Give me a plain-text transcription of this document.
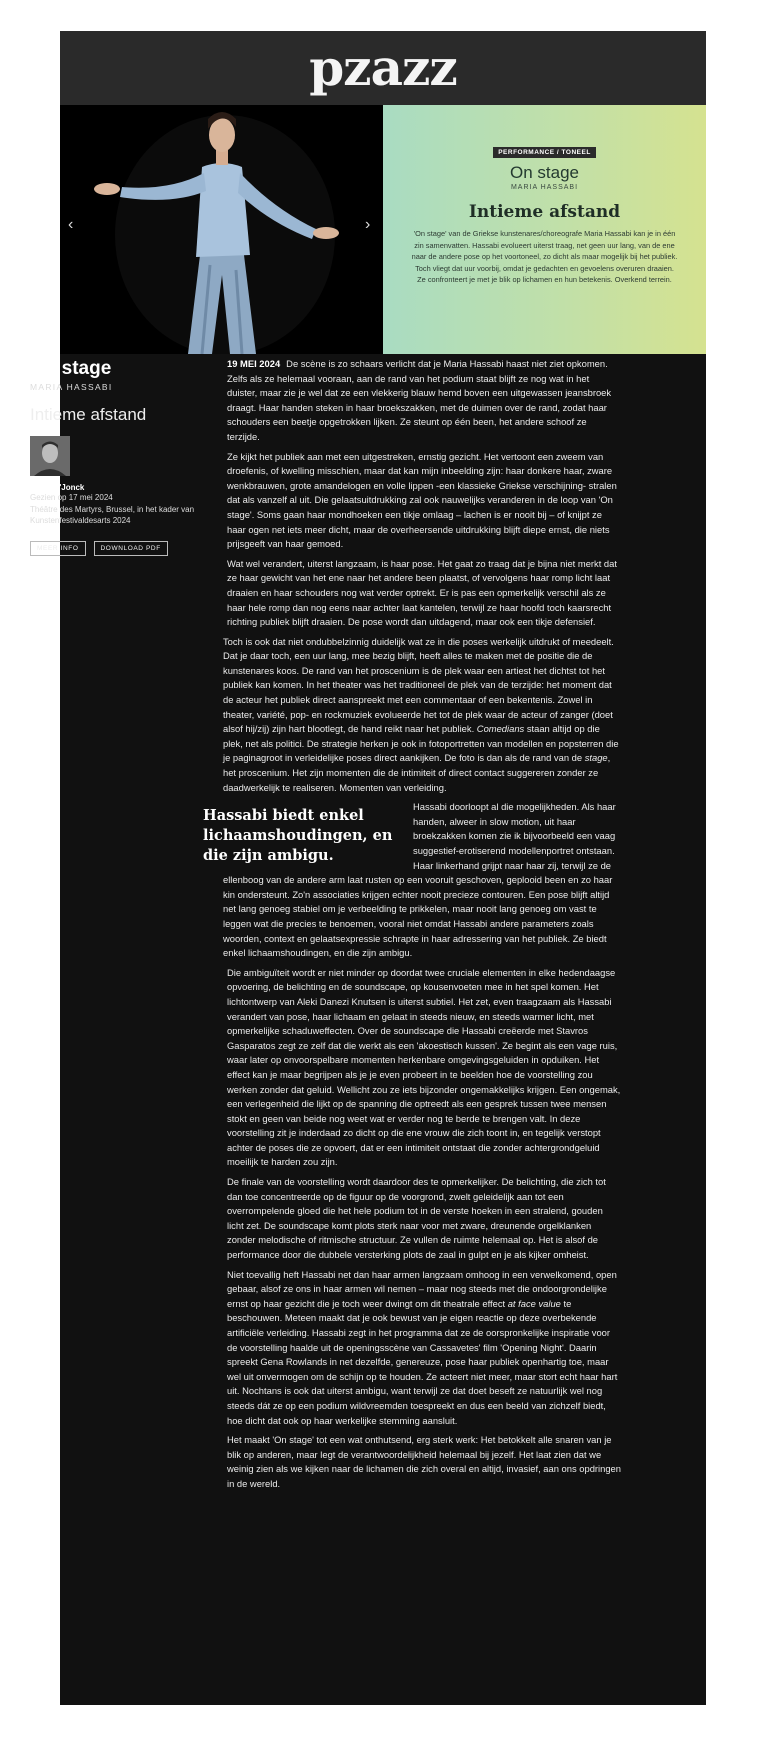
pzazz
‹	›
PERFORMANCE / TONEEL
On stage
MARIA HASSABI
Intieme afstand
'On stage' van de Griekse kunstenares/choreografe Maria Hassabi kan je in één zin samenvatten. Hassabi evolueert uiterst traag, net geen uur lang, van de ene naar de andere pose op het voortoneel, zo dicht als maar mogelijk bij het publiek. Toch vliegt dat uur voorbij, omdat je gedachten en gevoelens overuren draaien. Ze confronteert je met je blik op lichamen en hun betekenis. Overkend terrein.
On stage
MARIA HASSABI
Intieme afstand
Pieter T'Jonck
Gezien op 17 mei 2024
Théâtre des Martyrs, Brussel, in het kader van Kunstenfestivaldesarts 2024
MEER INFO	DOWNLOAD PDF

19 MEI 2024 De scène is zo schaars verlicht dat je Maria Hassabi haast niet ziet opkomen. Zelfs als ze helemaal vooraan, aan de rand van het podium staat blijft ze nog wat in het duister, maar zie je wel dat ze een vlekkerig blauw hemd boven een uitgewassen jeansbroek draagt. Haar handen steken in haar broekszakken, met de duimen over de rand, zodat haar schouders een beetje opgetrokken lijken. Ze steunt op één been, het andere schoof ze terzijde.

Ze kijkt het publiek aan met een uitgestreken, ernstig gezicht. Het vertoont een zweem van droefenis, of kwelling misschien, maar dat kan mijn inbeelding zijn: haar donkere haar, zware wenkbrauwen, grote amandelogen en volle lippen -een klassieke Griekse verschijning- stralen dat als vanzelf al uit. Die gelaatsuitdrukking zal ook nauwelijks veranderen in de loop van 'On stage'. Soms gaan haar mondhoeken een tikje omlaag – lachen is er nooit bij – of knijpt ze haar ogen net iets meer dicht, maar de overheersende uitdrukking blijft diepe ernst, die niets prijsgeeft van haar gemoed.

Wat wel verandert, uiterst langzaam, is haar pose. Het gaat zo traag dat je bijna niet merkt dat ze haar gewicht van het ene naar het andere been plaatst, of vervolgens haar romp licht laat draaien en haar schouders nog wat verder optrekt. Er is pas een opmerkelijk verschil als ze haar hele romp dan nog eens naar achter laat kantelen, terwijl ze haar hoofd toch kaarsrecht richting publiek blijft draaien. De pose wordt dan uitdagend, maar ook een tikje defensief.

Toch is ook dat niet ondubbelzinnig duidelijk wat ze in die poses werkelijk uitdrukt of meedeelt. Dat je daar toch, een uur lang, mee bezig blijft, heeft alles te maken met de positie die de kunstenares koos. De rand van het proscenium is de plek waar een artiest het dichtst tot het publiek kan komen. In het theater was het traditioneel de plek van de terzijde: het moment dat de acteur het publiek direct aanspreekt met een commentaar of een bekentenis. Zowel in theater, variété, pop- en rockmuziek evolueerde het tot de plek waar de acteur of zanger (doet alsof hij/zij) zijn hart blootlegt, de hand reikt naar het publiek. Comedians staan altijd op die plek, net als politici. De strategie herken je ook in fotoportretten van modellen en popsterren die je paginagroot in verleidelijke poses direct aankijken. De foto is dan als de rand van de stage, het proscenium. Het zijn momenten die de intimiteit of direct contact suggereren zonder ze daadwerkelijk te realiseren. Momenten van verleiding.

Hassabi biedt enkel lichaamshoudingen, en die zijn ambigu.

Hassabi doorloopt al die mogelijkheden. Als haar handen, alweer in slow motion, uit haar broekzakken komen zie ik bijvoorbeeld een vaag suggestief-erotiserend modellenportret ontstaan. Haar linkerhand grijpt naar haar zij, terwijl ze de ellenboog van de andere arm laat rusten op een vooruit geschoven, geplooid been en zo haar kin ondersteunt. Zo'n associaties krijgen echter nooit precieze contouren. Een pose blijft altijd net lang genoeg stabiel om je verbeelding te prikkelen, maar nooit lang genoeg om vast te leggen wat die precies te benoemen, vooral niet omdat Hassabi andere parameters zoals woorden, context en gelaatsexpressie schrapte in haar adressering van het publiek. Ze biedt enkel lichaamshoudingen, en die zijn ambigu.

Die ambiguïteit wordt er niet minder op doordat twee cruciale elementen in elke hedendaagse opvoering, de belichting en de soundscape, op kousenvoeten mee in het spel komen. Het lichtontwerp van Aleki Danezi Knutsen is uiterst subtiel. Het zet, even traagzaam als Hassabi verandert van pose, haar lichaam en gelaat in steeds nieuw, en steeds warmer licht, met opmerkelijke schaduweffecten. Over de soundscape die Hassabi creëerde met Stavros Gasparatos zegt ze zelf dat die werkt als een 'akoestisch kussen'. Ze begint als een vage ruis, waar later op onvoorspelbare momenten herkenbare omgevingsgeluiden in opduiken. Het effect kan je maar begrijpen als je je even probeert in te beelden hoe de voorstelling zou werken zonder dat geluid. Wellicht zou ze iets bijzonder ongemakkelijks krijgen. Een ongemak, een verlegenheid die lijkt op de spanning die optreedt als een gesprek tussen twee mensen stokt en geen van beide nog weet wat er verder nog te berde te brengen valt. In deze voorstelling zit je inderdaad zo dicht op die ene vrouw die zich toont in, en tegelijk verstopt achter de poses die ze opvoert, dat er een intimiteit ontstaat die zonder achtergrondgeluid moeilijk te harden zou zijn.

De finale van de voorstelling wordt daardoor des te opmerkelijker. De belichting, die zich tot dan toe concentreerde op de figuur op de voorgrond, zwelt geleidelijk aan tot een overrompelende gloed die het hele podium tot in de verste hoeken in een stralend, gouden licht zet. De soundscape komt plots sterk naar voor met zware, dreunende orgelklanken zonder melodische of ritmische structuur. Ze vullen de ruimte helemaal op. Het is alsof de performance door die dubbele versterking plots de zaal in gulpt en je als kijker omheist.

Niet toevallig heft Hassabi net dan haar armen langzaam omhoog in een verwelkomend, open gebaar, alsof ze ons in haar armen wil nemen – maar nog steeds met die ondoorgrondelijke ernst op haar gezicht die je toch weer dwingt om dit theatrale effect at face value te beschouwen. Meteen maakt dat je ook bewust van je eigen reactie op deze overbekende artificiële verleiding. Hassabi zegt in het programma dat ze de oorspronkelijke inspiratie voor de voorstelling haalde uit de openingsscène van Cassavetes' film 'Opening Night'. Daarin spreekt Gena Rowlands in net dezelfde, genereuze, pose haar publiek openhartig toe, maar wel uit onvermogen om de schijn op te houden. Ze acteert niet meer, maar stort echt haar hart uit. Nochtans is ook dat uiterst ambigu, want terwijl ze dat doet beseft ze natuurlijk wel nog steeds dát ze op een podium wildvreemden toespreekt en dus een beeld van zichzelf biedt, hoe dicht dat ook op haar werkelijke stemming aansluit.

Het maakt 'On stage' tot een wat onthutsend, erg sterk werk: Het betokkelt alle snaren van je blik op anderen, maar legt de verantwoordelijkheid helemaal bij jezelf. Het laat zien dat we weinig zien als we kijken naar de lichamen die zich overal en altijd, invasief, aan ons opdringen in de wereld.
